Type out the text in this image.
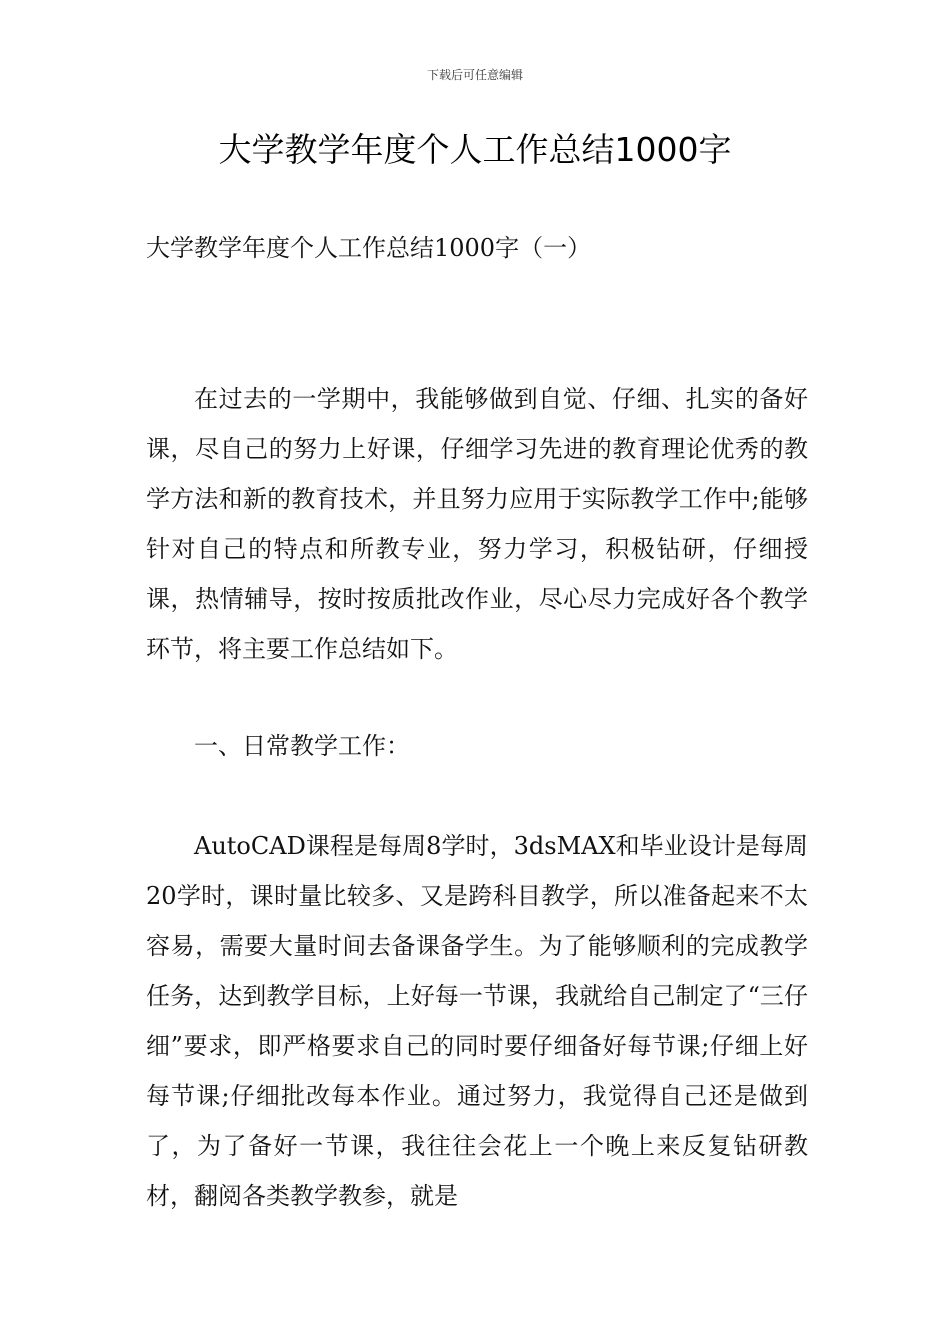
下载后可任意编辑
大学教学年度个人工作总结1000字

大学教学年度个人工作总结1000字（一）

在过去的一学期中，我能够做到自觉、仔细、扎实的备好课，尽自己的努力上好课，仔细学习先进的教育理论优秀的教学方法和新的教育技术，并且努力应用于实际教学工作中;能够针对自己的特点和所教专业，努力学习，积极钻研，仔细授课，热情辅导，按时按质批改作业，尽心尽力完成好各个教学环节，将主要工作总结如下。

一、日常教学工作：

AutoCAD课程是每周8学时，3dsMAX和毕业设计是每周20学时，课时量比较多、又是跨科目教学，所以准备起来不太容易，需要大量时间去备课备学生。为了能够顺利的完成教学任务，达到教学目标，上好每一节课，我就给自己制定了“三仔细”要求，即严格要求自己的同时要仔细备好每节课;仔细上好每节课;仔细批改每本作业。通过努力，我觉得自己还是做到了，为了备好一节课，我往往会花上一个晚上来反复钻研教材，翻阅各类教学教参，就是
